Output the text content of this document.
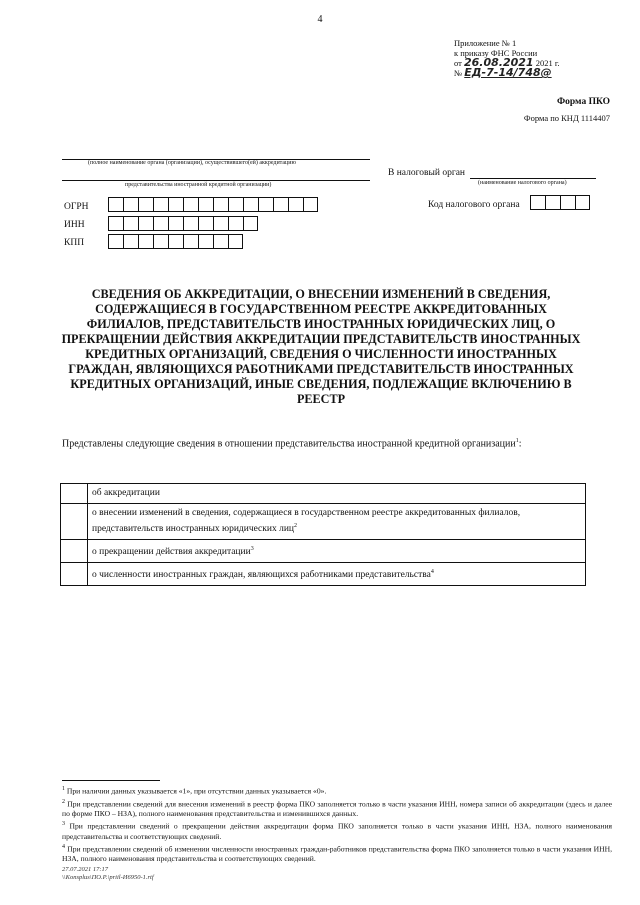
4
Приложение № 1
к приказу ФНС России
от 26.08.2021 2021 г.
№ ЕД-7-14/748@
Форма ПКО
Форма по КНД 1114407
(полное наименование органа (организации), осуществившего(ей) аккредитацию
представительства иностранной кредитной организации)
В налоговый орган
(наименование налогового органа)
Код налогового органа
ОГРН
ИНН
КПП
СВЕДЕНИЯ ОБ АККРЕДИТАЦИИ, О ВНЕСЕНИИ ИЗМЕНЕНИЙ В СВЕДЕНИЯ, СОДЕРЖАЩИЕСЯ В ГОСУДАРСТВЕННОМ РЕЕСТРЕ АККРЕДИТОВАННЫХ ФИЛИАЛОВ, ПРЕДСТАВИТЕЛЬСТВ ИНОСТРАННЫХ ЮРИДИЧЕСКИХ ЛИЦ, О ПРЕКРАЩЕНИИ ДЕЙСТВИЯ АККРЕДИТАЦИИ ПРЕДСТАВИТЕЛЬСТВ ИНОСТРАННЫХ КРЕДИТНЫХ ОРГАНИЗАЦИЙ, СВЕДЕНИЯ О ЧИСЛЕННОСТИ ИНОСТРАННЫХ ГРАЖДАН, ЯВЛЯЮЩИХСЯ РАБОТНИКАМИ ПРЕДСТАВИТЕЛЬСТВ ИНОСТРАННЫХ КРЕДИТНЫХ ОРГАНИЗАЦИЙ, ИНЫЕ СВЕДЕНИЯ, ПОДЛЕЖАЩИЕ ВКЛЮЧЕНИЮ В РЕЕСТР
Представлены следующие сведения в отношении представительства иностранной кредитной организации$^1$:
	об аккредитации
	о внесении изменений в сведения, содержащиеся в государственном реестре аккредитованных филиалов, представительств иностранных юридических лиц$^2$
	о прекращении действия аккредитации$^3$
	о численности иностранных граждан, являющихся работниками представительства$^4$

$^1$ При наличии данных указывается «1», при отсутствии данных указывается «0».

$^2$ При представлении сведений для внесения изменений в реестр форма ПКО заполняется только в части указания ИНН, номера записи об аккредитации (здесь и далее по форме ПКО – НЗА), полного наименования представительства и изменившихся данных.

$^3$ При представлении сведений о прекращении действия аккредитации форма ПКО заполняется только в части указания ИНН, НЗА, полного наименования представительства и соответствующих сведений.

$^4$ При представлении сведений об изменении численности иностранных граждан-работников представительства форма ПКО заполняется только в части указания ИНН, НЗА, полного наименования представительства и соответствующих сведений.

27.07.2021 17:17
\\Konsplus\ПО.Р.\priil-И6950-1.rtf
